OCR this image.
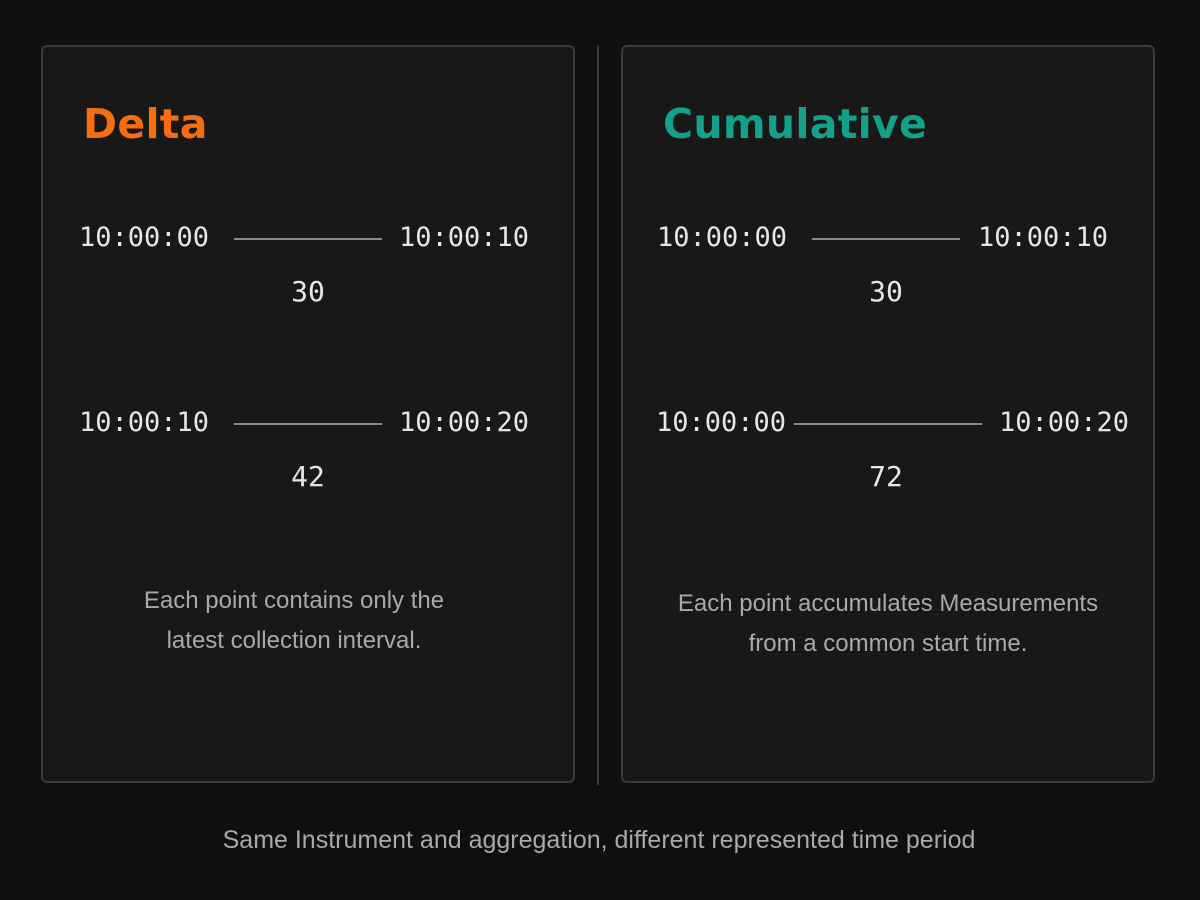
Delta
10:00:00	10:00:10
30
10:00:10	10:00:20
42

Each point contains only the
latest collection interval.

Cumulative
10:00:00	10:00:10
30
10:00:00	10:00:20
72

Each point accumulates Measurements
from a common start time.

Same Instrument and aggregation, different represented time period
